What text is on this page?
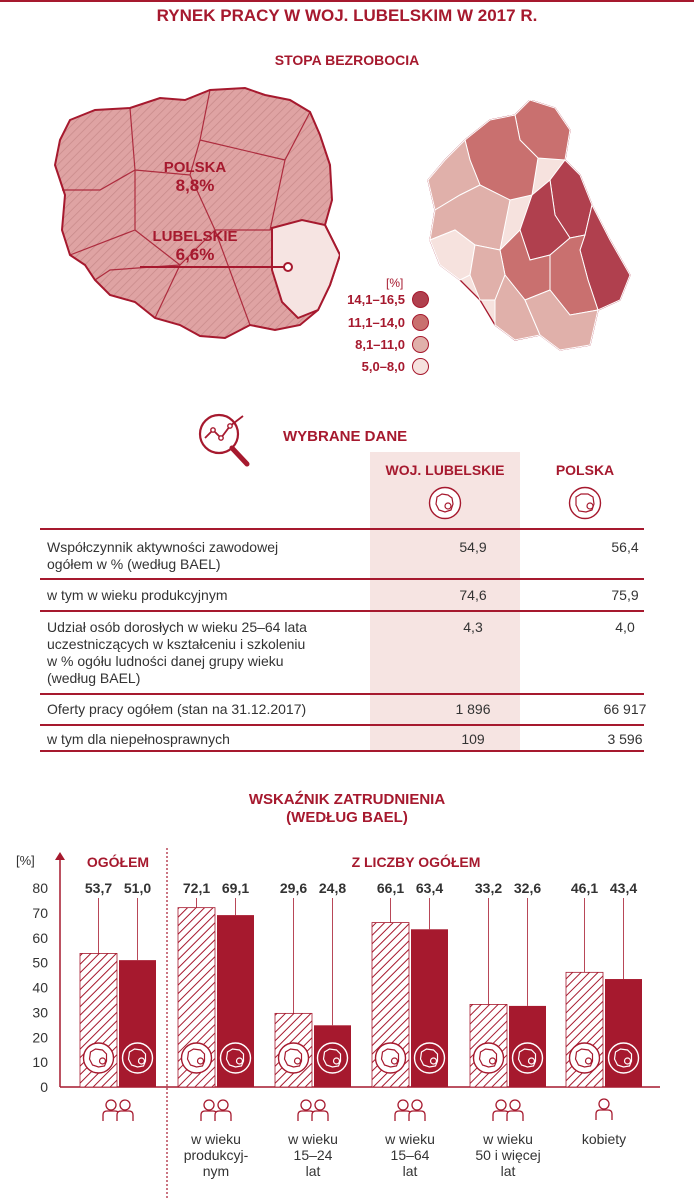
RYNEK PRACY W WOJ. LUBELSKIM W 2017 R.
STOPA BEZROBOCIA
POLSKA
8,8%
LUBELSKIE
6,6%
[%]
14,1–16,5
11,1–14,0
8,1–11,0
5,0–8,0
WYBRANE DANE
WOJ. LUBELSKIE	POLSKA
Współczynnik aktywności zawodowej
ogółem w % (według BAEL)
54,9	56,4
w tym w wieku produkcyjnym	74,6	75,9
Udział osób dorosłych w wieku 25–64 lata
uczestniczących w kształceniu i szkoleniu
w % ogółu ludności danej grupy wieku
(według BAEL)
4,3	4,0
Oferty pracy ogółem (stan na 31.12.2017)	1 896	66 917
w tym dla niepełnosprawnych	109	3 596
WSKAŹNIK ZATRUDNIENIA
(WEDŁUG BAEL)
[%]
0
10
20
30
40
50
60
70
80
OGÓŁEM	Z LICZBY OGÓŁEM
53,7 51,0 72,1 69,1
w wieku
produkcyj-
nym
29,6 24,8
w wieku
15–24
lat
66,1 63,4
w wieku
15–64
lat
33,2 32,6
w wieku
50 i więcej
lat
46,1 43,4
kobiety
